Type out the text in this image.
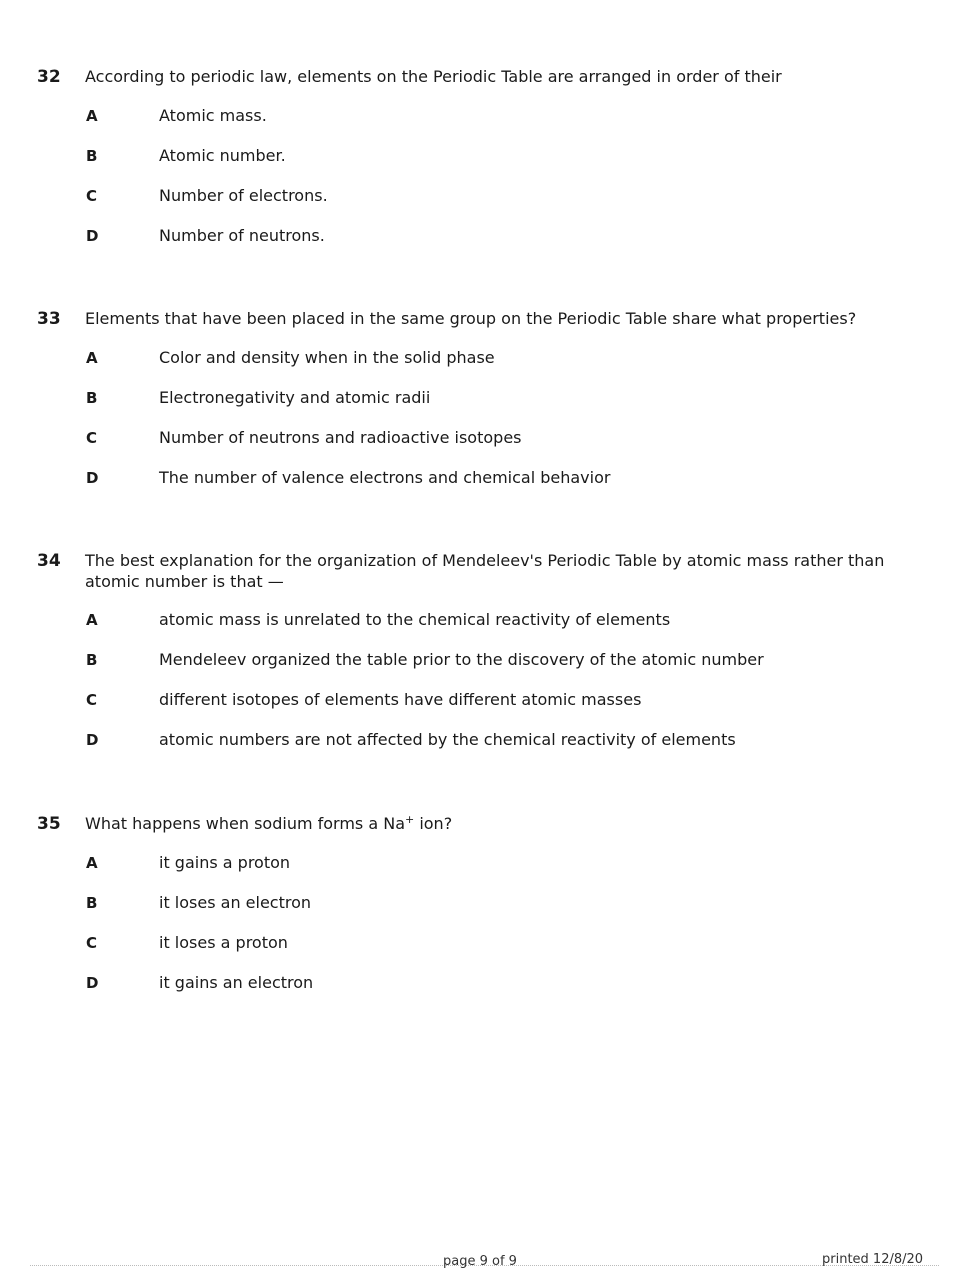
32	According to periodic law, elements on the Periodic Table are arranged in order of their
A	Atomic mass.
B	Atomic number.
C	Number of electrons.
D	Number of neutrons.
33	Elements that have been placed in the same group on the Periodic Table share what properties?
A	Color and density when in the solid phase
B	Electronegativity and atomic radii
C	Number of neutrons and radioactive isotopes
D	The number of valence electrons and chemical behavior
34	The best explanation for the organization of Mendeleev's Periodic Table by atomic mass rather than atomic number is that —
A	atomic mass is unrelated to the chemical reactivity of elements
B	Mendeleev organized the table prior to the discovery of the atomic number
C	different isotopes of elements have different atomic masses
D	atomic numbers are not affected by the chemical reactivity of elements
35	What happens when sodium forms a Na+ ion?
A	it gains a proton
B	it loses an electron
C	it loses a proton
D	it gains an electron
page 9 of 9	printed 12/8/20
